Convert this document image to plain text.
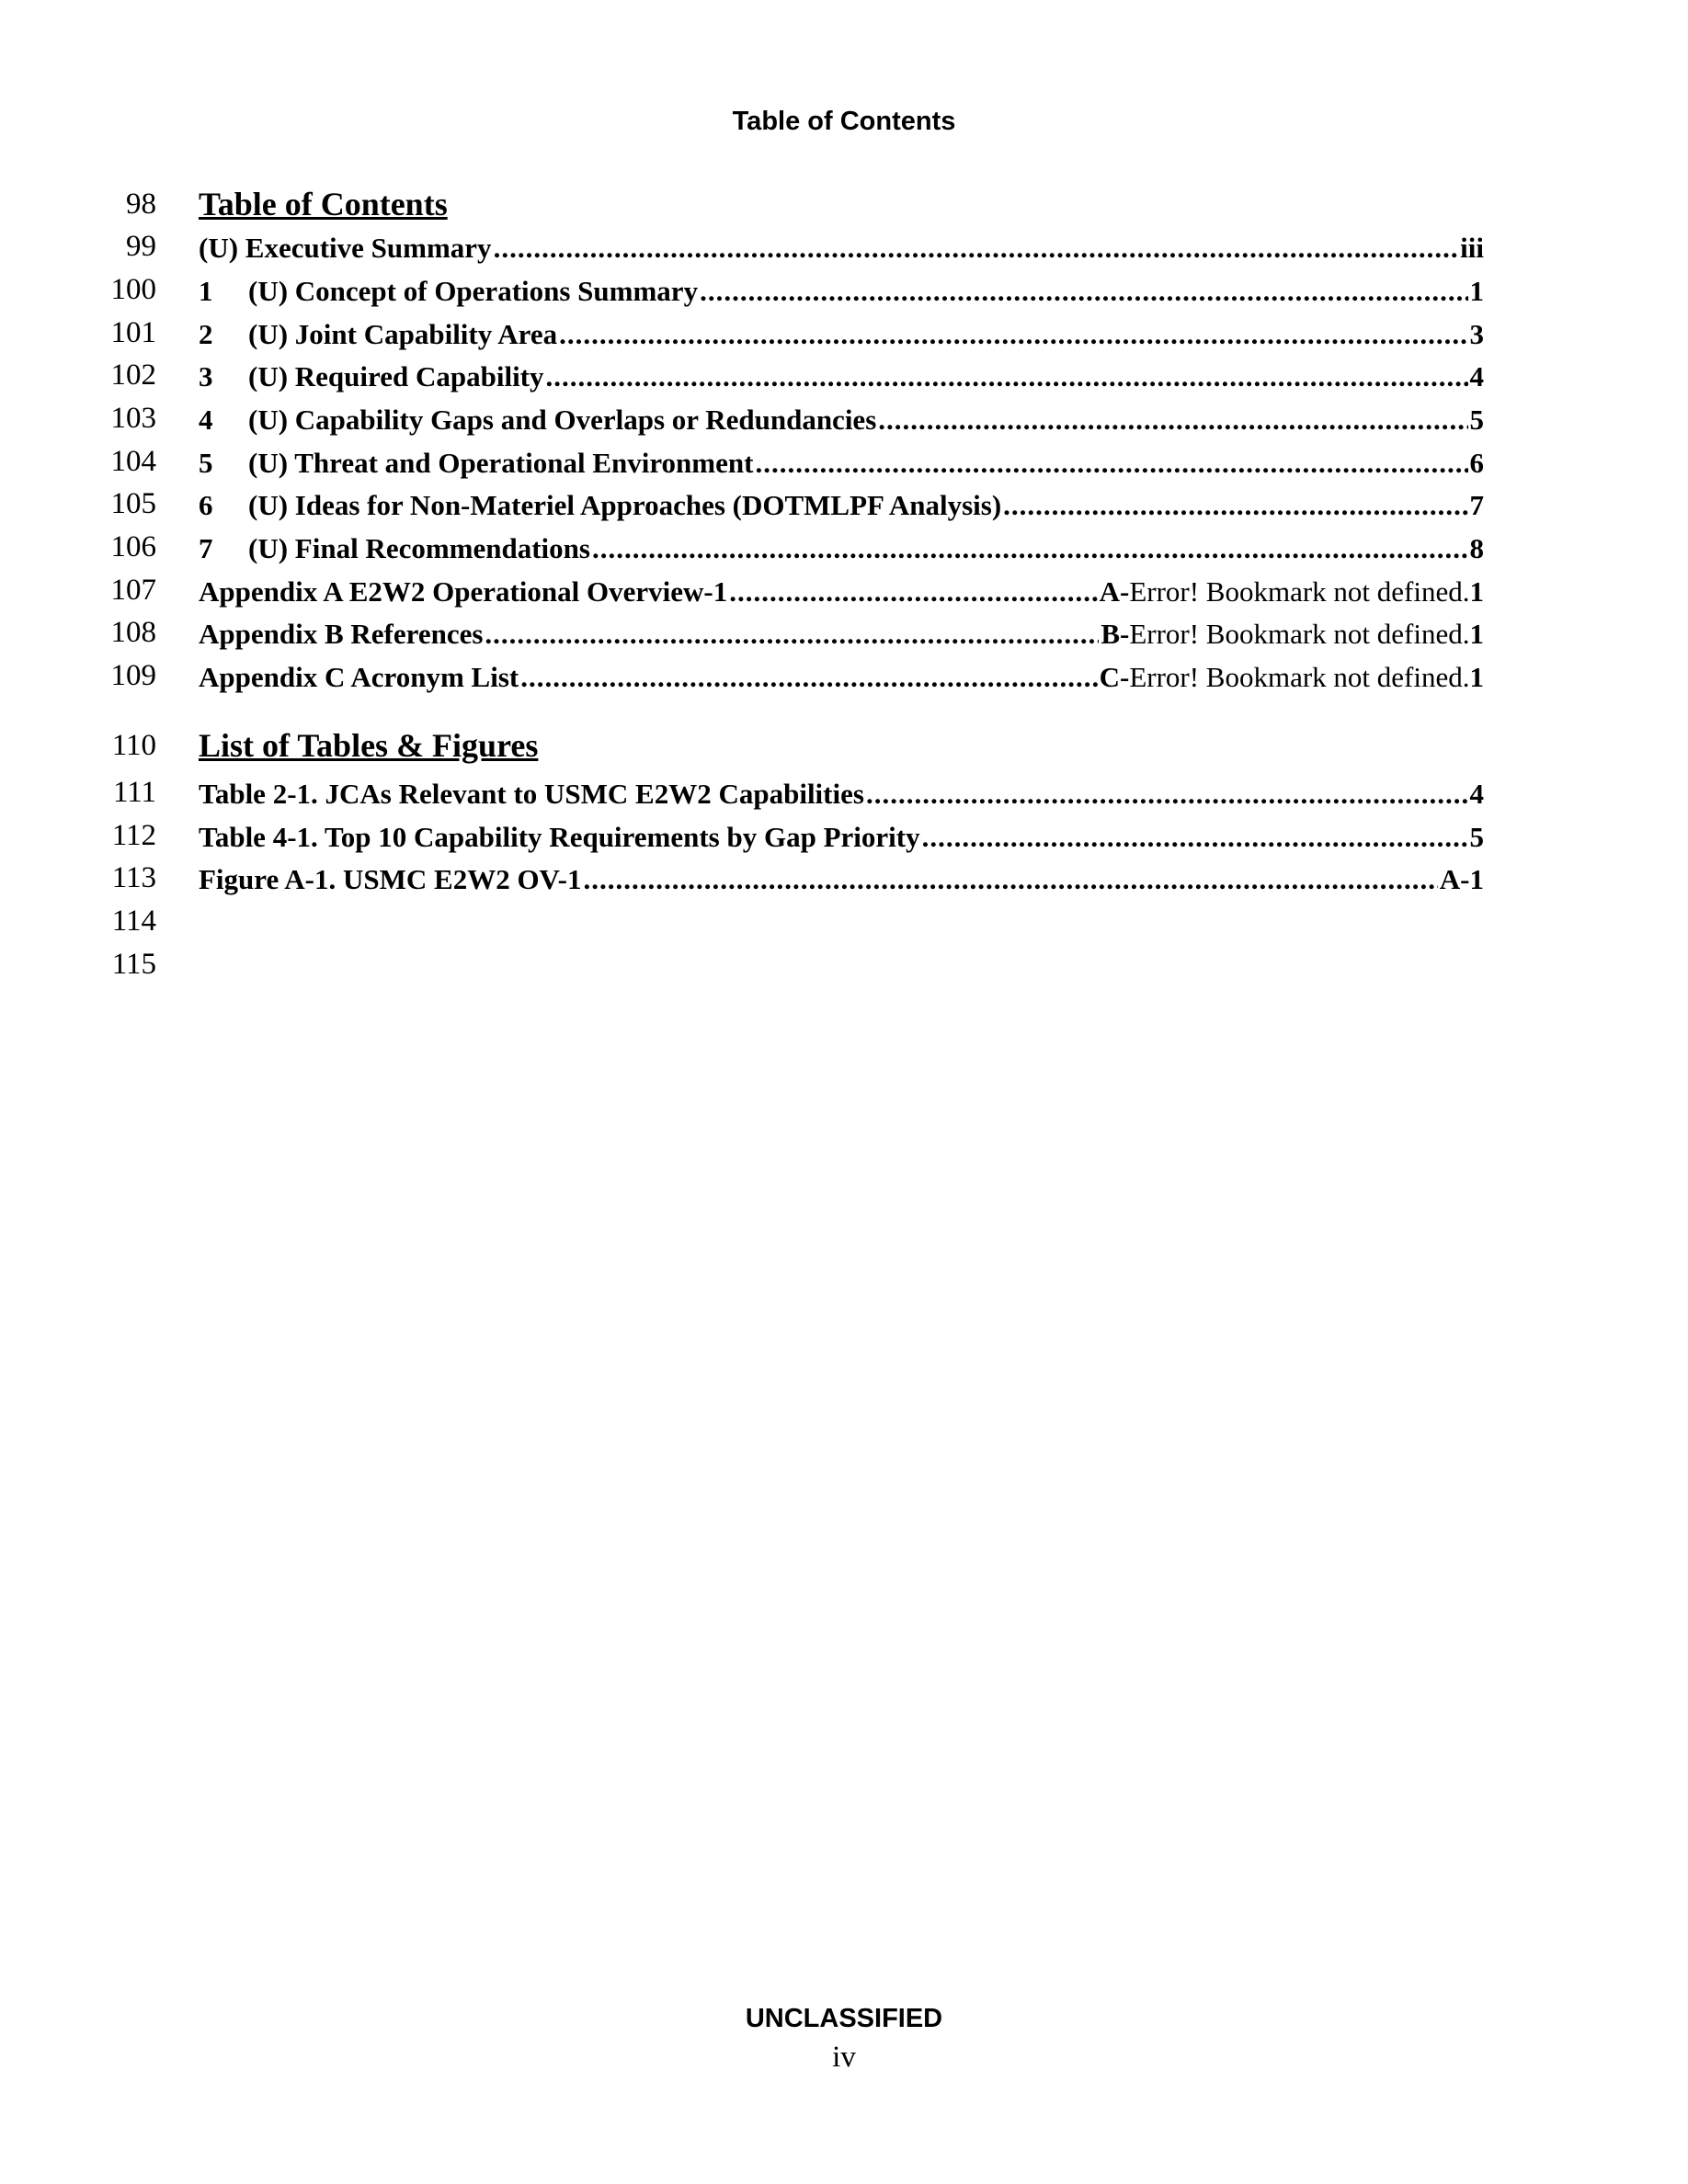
Table of Contents
98
99
100
101
102
103
104
105
106
107
108
109
110
111
112
113
114
115
Table of Contents
(U) Executive Summary .....	iii
1	(U) Concept of Operations Summary .....	1
2	(U) Joint Capability Area .....	3
3	(U) Required Capability .....	4
4	(U) Capability Gaps and Overlaps or Redundancies .....	5
5	(U) Threat and Operational Environment .....	6
6	(U) Ideas for Non-Materiel Approaches (DOTMLPF Analysis) .....	7
7	(U) Final Recommendations .....	8
Appendix A E2W2 Operational Overview-1 .....	A- Error! Bookmark not defined. 1
Appendix B References .....	B- Error! Bookmark not defined. 1
Appendix C Acronym List .....	C- Error! Bookmark not defined. 1
List of Tables & Figures
Table 2-1. JCAs Relevant to USMC E2W2 Capabilities .....	4
Table 4-1. Top 10 Capability Requirements by Gap Priority .....	5
Figure A-1. USMC E2W2 OV-1 .....	A-1
UNCLASSIFIED
iv
